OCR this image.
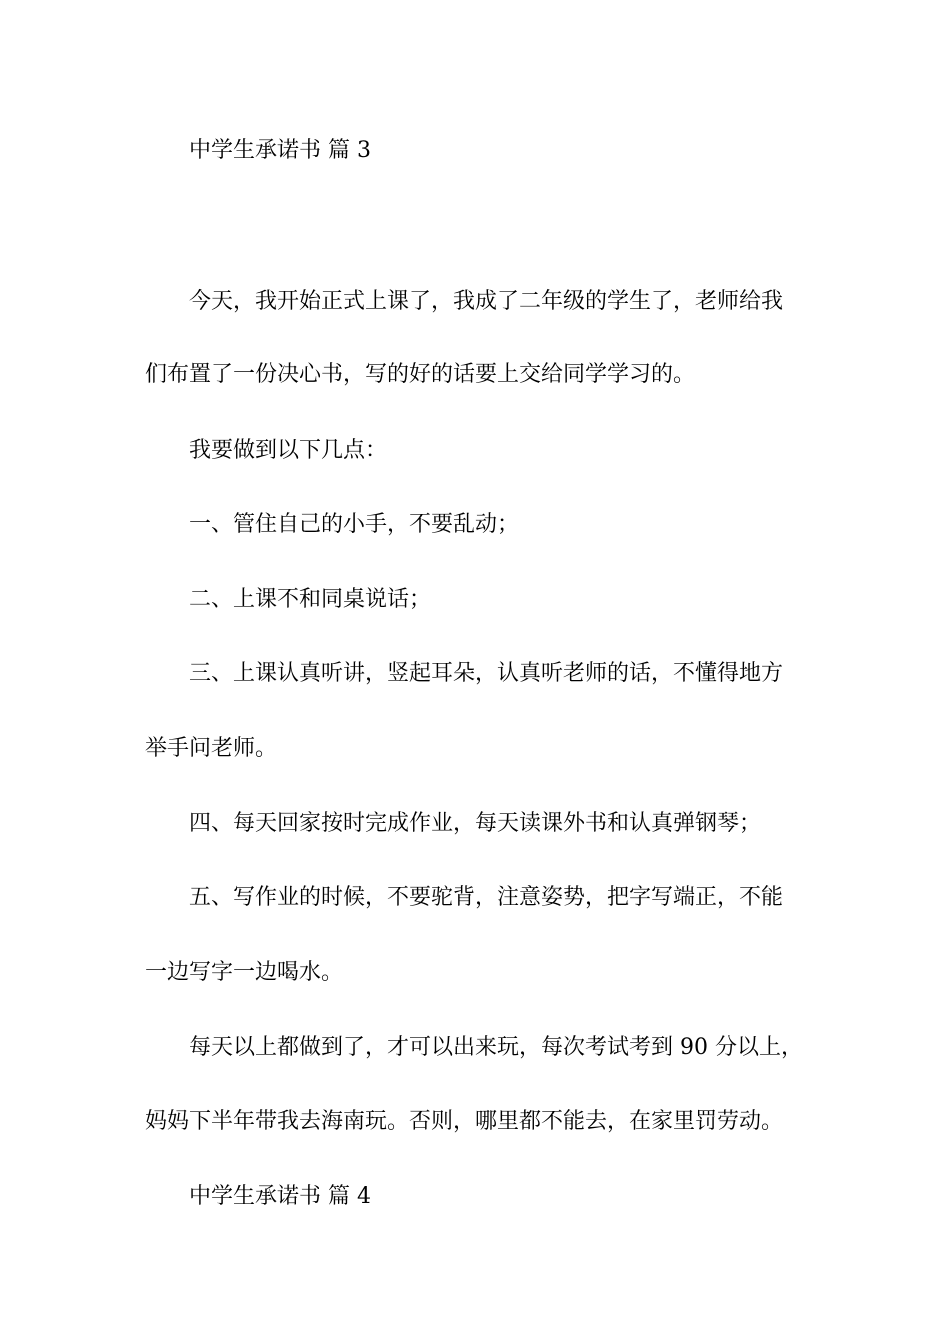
中学生承诺书 篇 3
今天，我开始正式上课了，我成了二年级的学生了，老师给我
们布置了一份决心书，写的好的话要上交给同学学习的。
我要做到以下几点：
一、管住自己的小手，不要乱动；
二、上课不和同桌说话；
三、上课认真听讲，竖起耳朵，认真听老师的话，不懂得地方
举手问老师。
四、每天回家按时完成作业，每天读课外书和认真弹钢琴；
五、写作业的时候，不要驼背，注意姿势，把字写端正，不能
一边写字一边喝水。
每天以上都做到了，才可以出来玩，每次考试考到 90 分以上，
妈妈下半年带我去海南玩。否则，哪里都不能去，在家里罚劳动。
中学生承诺书 篇 4
